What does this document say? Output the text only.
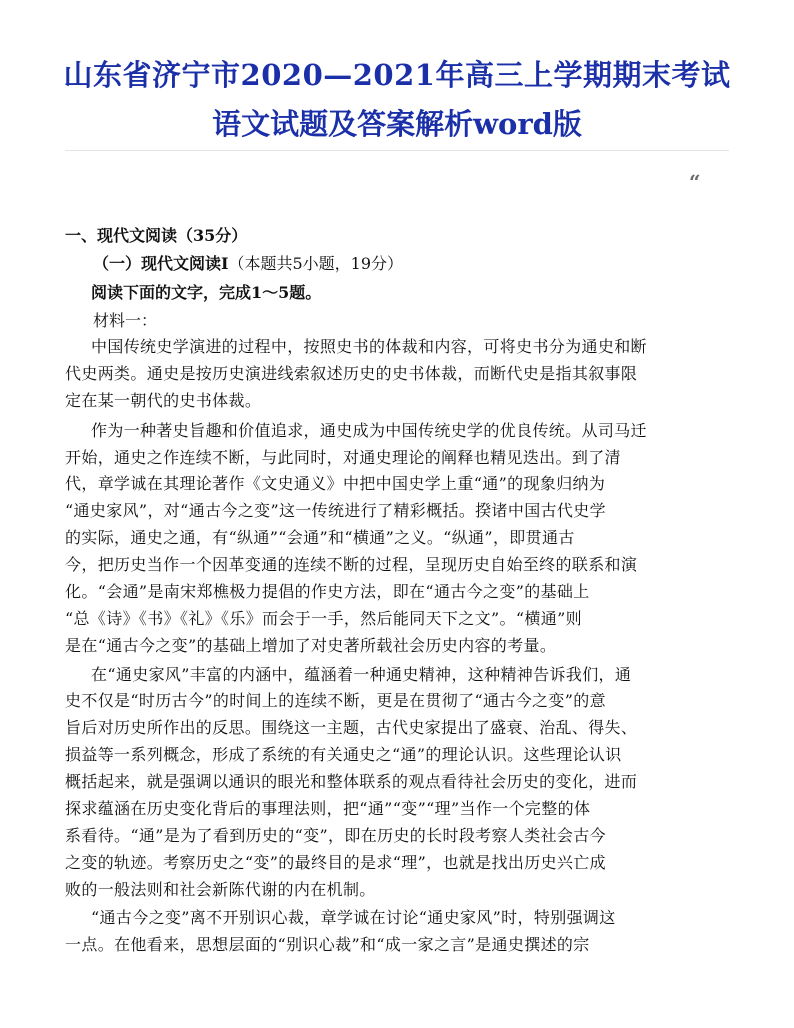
山东省济宁市2020—2021年高三上学期期末考试
语文试题及答案解析word版
“
一、现代文阅读（35分）
（一）现代文阅读Ⅰ（本题共5小题，19分）
阅读下面的文字，完成1～5题。
材料一：
中国传统史学演进的过程中，按照史书的体裁和内容，可将史书分为通史和断
代史两类。通史是按历史演进线索叙述历史的史书体裁，而断代史是指其叙事限
定在某一朝代的史书体裁。
作为一种著史旨趣和价值追求，通史成为中国传统史学的优良传统。从司马迁
开始，通史之作连续不断，与此同时，对通史理论的阐释也精见迭出。到了清
代，章学诚在其理论著作《文史通义》中把中国史学上重“通”的现象归纳为
“通史家风”，对“通古今之变”这一传统进行了精彩概括。揆诸中国古代史学
的实际，通史之通，有“纵通”“会通”和“横通”之义。“纵通”，即贯通古
今，把历史当作一个因革变通的连续不断的过程，呈现历史自始至终的联系和演
化。“会通”是南宋郑樵极力提倡的作史方法，即在“通古今之变”的基础上
“总《诗》《书》《礼》《乐》而会于一手，然后能同天下之文”。“横通”则
是在“通古今之变”的基础上增加了对史著所载社会历史内容的考量。
在“通史家风”丰富的内涵中，蕴涵着一种通史精神，这种精神告诉我们，通
史不仅是“时历古今”的时间上的连续不断，更是在贯彻了“通古今之变”的意
旨后对历史所作出的反思。围绕这一主题，古代史家提出了盛衰、治乱、得失、
损益等一系列概念，形成了系统的有关通史之“通”的理论认识。这些理论认识
概括起来，就是强调以通识的眼光和整体联系的观点看待社会历史的变化，进而
探求蕴涵在历史变化背后的事理法则，把“通”“变”“理”当作一个完整的体
系看待。“通”是为了看到历史的“变”，即在历史的长时段考察人类社会古今
之变的轨迹。考察历史之“变”的最终目的是求“理”，也就是找出历史兴亡成
败的一般法则和社会新陈代谢的内在机制。
“通古今之变”离不开别识心裁，章学诚在讨论“通史家风”时，特别强调这
一点。在他看来，思想层面的“别识心裁”和“成一家之言”是通史撰述的宗
